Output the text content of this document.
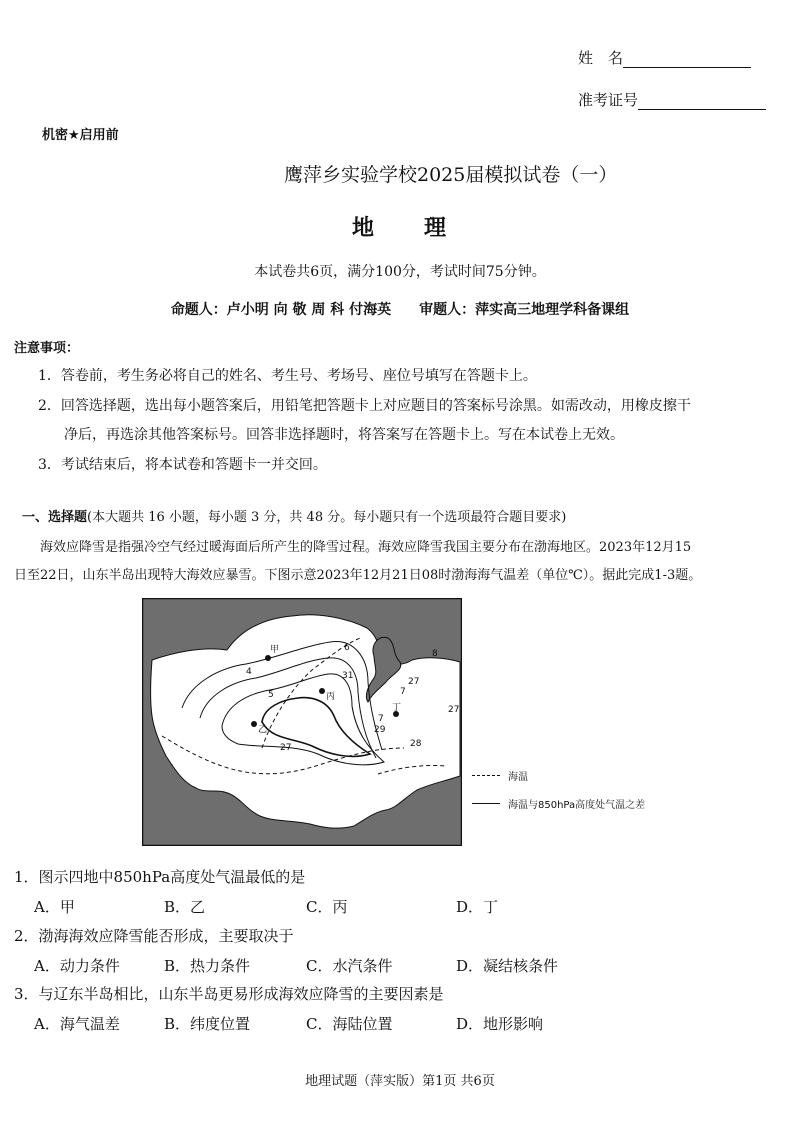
姓　名
准考证号
机密★启用前
鹰萍乡实验学校2025届模拟试卷（一）
地　　理
本试卷共6页，满分100分，考试时间75分钟。
命题人：卢小明 向 敬 周 科 付海英　　审题人：萍实高三地理学科备课组
注意事项：
1．答卷前，考生务必将自己的姓名、考生号、考场号、座位号填写在答题卡上。
2．回答选择题，选出每小题答案后，用铅笔把答题卡上对应题目的答案标号涂黑。如需改动，用橡皮擦干
净后，再选涂其他答案标号。回答非选择题时，将答案写在答题卡上。写在本试卷上无效。
3．考试结束后，将本试卷和答题卡一并交回。
一、选择题(本大题共 16 小题，每小题 3 分，共 48 分。每小题只有一个选项最符合题目要求)
海效应降雪是指强冷空气经过暖海面后所产生的降雪过程。海效应降雪我国主要分布在渤海地区。2023年12月15
日至22日，山东半岛出现特大海效应暴雪。下图示意2023年12月21日08时渤海海气温差（单位℃）。据此完成1-3题。
甲
乙
丙
丁
4
5
6
7
8
27
27	28
29
31
7
27
海温
海温与850hPa高度处气温之差
1．图示四地中850hPa高度处气温最低的是
A．甲	B．乙	C．丙	D．丁
2．渤海海效应降雪能否形成，主要取决于
A．动力条件	B．热力条件	C．水汽条件	D．凝结核条件
3．与辽东半岛相比，山东半岛更易形成海效应降雪的主要因素是
A．海气温差	B．纬度位置	C．海陆位置	D．地形影响
地理试题（萍实版）第1页 共6页
